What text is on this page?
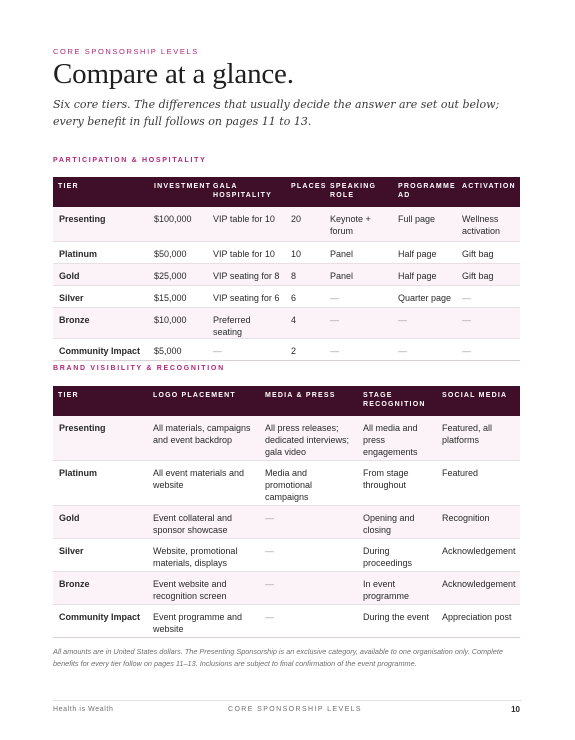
CORE SPONSORSHIP LEVELS
Compare at a glance.

Six core tiers. The differences that usually decide the answer are set out below; every benefit in full follows on pages 11 to 13.

PARTICIPATION & HOSPITALITY
TIER	INVESTMENT	GALA HOSPITALITY	PLACES	SPEAKING ROLE	PROGRAMME AD	ACTIVATION
Presenting	$100,000	VIP table for 10	20	Keynote + forum	Full page	Wellness activation
Platinum	$50,000	VIP table for 10	10	Panel	Half page	Gift bag
Gold	$25,000	VIP seating for 8	8	Panel	Half page	Gift bag
Silver	$15,000	VIP seating for 6	6	—	Quarter page	—
Bronze	$10,000	Preferred seating	4	—	—	—
Community Impact	$5,000	—	2	—	—	—
BRAND VISIBILITY & RECOGNITION
TIER	LOGO PLACEMENT	MEDIA & PRESS	STAGE RECOGNITION	SOCIAL MEDIA
Presenting	All materials, campaigns and event backdrop	All press releases; dedicated interviews; gala video	All media and press engagements	Featured, all platforms
Platinum	All event materials and website	Media and promotional campaigns	From stage throughout	Featured
Gold	Event collateral and sponsor showcase	—	Opening and closing	Recognition
Silver	Website, promotional materials, displays	—	During proceedings	Acknowledgement
Bronze	Event website and recognition screen	—	In event programme	Acknowledgement
Community Impact	Event programme and website	—	During the event	Appreciation post

All amounts are in United States dollars. The Presenting Sponsorship is an exclusive category, available to one organisation only. Complete benefits for every tier follow on pages 11–13. Inclusions are subject to final confirmation of the event programme.

Health is Wealth	CORE SPONSORSHIP LEVELS	10
